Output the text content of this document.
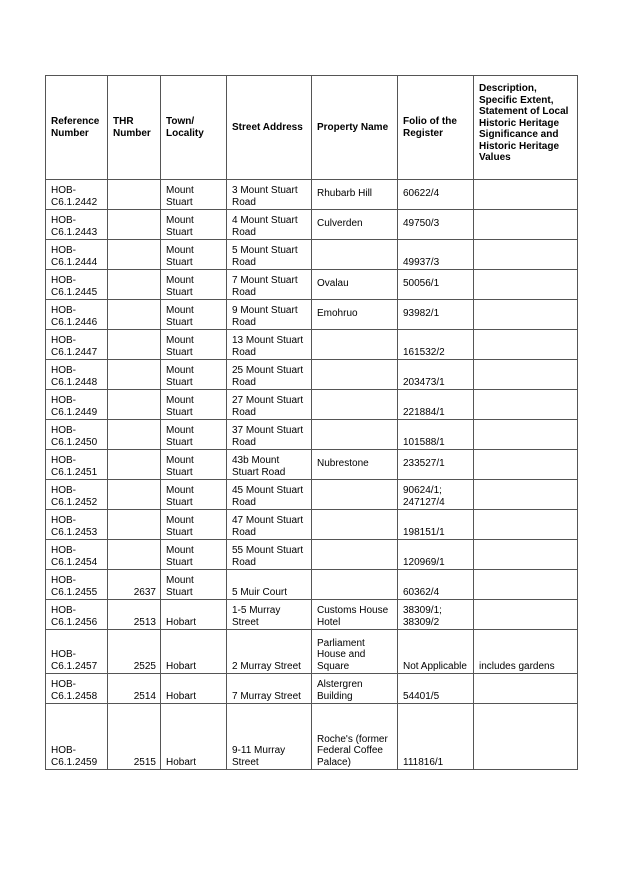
Reference Number	THR Number	Town/ Locality	Street Address	Property Name	Folio of the Register	Description, Specific Extent, Statement of Local Historic Heritage Significance and Historic Heritage Values
HOB-C6.1.2442		Mount Stuart	3 Mount Stuart Road	Rhubarb Hill	60622/4	
HOB-C6.1.2443		Mount Stuart	4 Mount Stuart Road	Culverden	49750/3	
HOB-C6.1.2444		Mount Stuart	5 Mount Stuart Road		49937/3	
HOB-C6.1.2445		Mount Stuart	7 Mount Stuart Road	Ovalau	50056/1	
HOB-C6.1.2446		Mount Stuart	9 Mount Stuart Road	Emohruo	93982/1	
HOB-C6.1.2447		Mount Stuart	13 Mount Stuart Road		161532/2	
HOB-C6.1.2448		Mount Stuart	25 Mount Stuart Road		203473/1	
HOB-C6.1.2449		Mount Stuart	27 Mount Stuart Road		221884/1	
HOB-C6.1.2450		Mount Stuart	37 Mount Stuart Road		101588/1	
HOB-C6.1.2451		Mount Stuart	43b Mount Stuart Road	Nubrestone	233527/1	
HOB-C6.1.2452		Mount Stuart	45 Mount Stuart Road		90624/1; 247127/4	
HOB-C6.1.2453		Mount Stuart	47 Mount Stuart Road		198151/1	
HOB-C6.1.2454		Mount Stuart	55 Mount Stuart Road		120969/1	
HOB-C6.1.2455	2637	Mount Stuart	5 Muir Court		60362/4	
HOB-C6.1.2456	2513	Hobart	1-5 Murray Street	Customs House Hotel	38309/1; 38309/2	
HOB-C6.1.2457	2525	Hobart	2 Murray Street	Parliament House and Square	Not Applicable	includes gardens
HOB-C6.1.2458	2514	Hobart	7 Murray Street	Alstergren Building	54401/5	
HOB-C6.1.2459	2515	Hobart	9-11 Murray Street	Roche's (former Federal Coffee Palace)	111816/1	
